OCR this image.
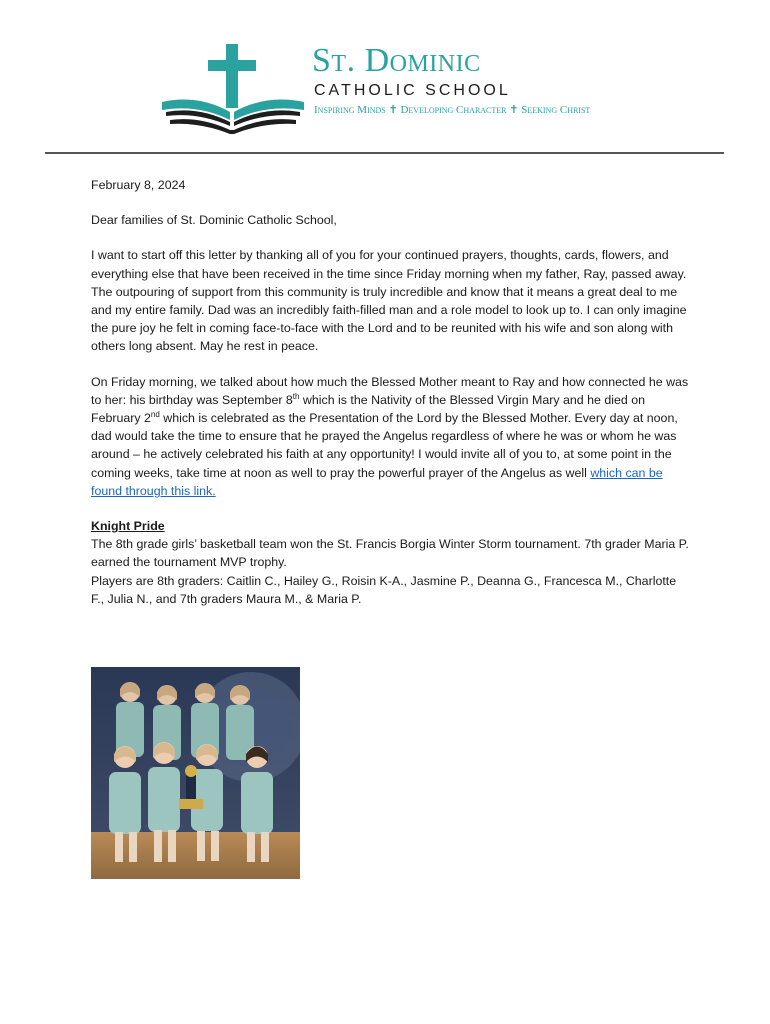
St. Dominic
CATHOLIC SCHOOL
Inspiring Minds ✝ Developing Character ✝ Seeking Christ

February 8, 2024

Dear families of St. Dominic Catholic School,

I want to start off this letter by thanking all of you for your continued prayers, thoughts, cards, flowers, and everything else that have been received in the time since Friday morning when my father, Ray, passed away. The outpouring of support from this community is truly incredible and know that it means a great deal to me and my entire family. Dad was an incredibly faith-filled man and a role model to look up to. I can only imagine the pure joy he felt in coming face-to-face with the Lord and to be reunited with his wife and son along with others long absent. May he rest in peace.

On Friday morning, we talked about how much the Blessed Mother meant to Ray and how connected he was to her: his birthday was September 8th which is the Nativity of the Blessed Virgin Mary and he died on February 2nd which is celebrated as the Presentation of the Lord by the Blessed Mother. Every day at noon, dad would take the time to ensure that he prayed the Angelus regardless of where he was or whom he was around – he actively celebrated his faith at any opportunity! I would invite all of you to, at some point in the coming weeks, take time at noon as well to pray the powerful prayer of the Angelus as well which can be found through this link.

Knight Pride
The 8th grade girls’ basketball team won the St. Francis Borgia Winter Storm tournament. 7th grader Maria P. earned the tournament MVP trophy.
Players are 8th graders: Caitlin C., Hailey G., Roisin K-A., Jasmine P., Deanna G., Francesca M., Charlotte F., Julia N., and 7th graders Maura M., & Maria P.
